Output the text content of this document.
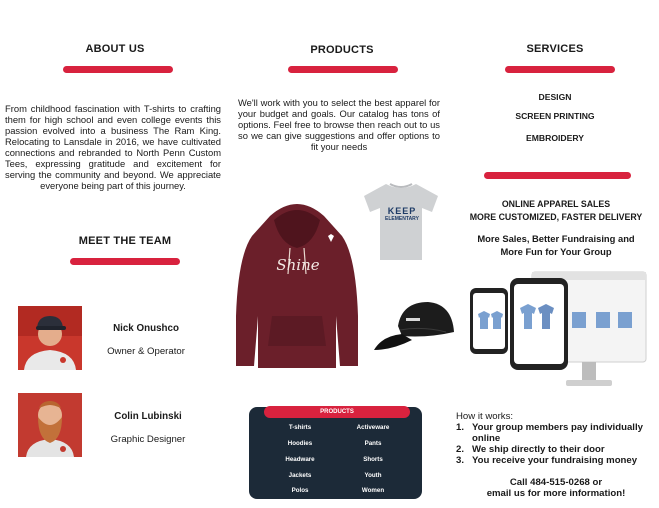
ABOUT US
From childhood fascination with T-shirts to crafting them for high school and even college events this passion evolved into a business The Ram King. Relocating to Lansdale in 2016, we have cultivated connections and rebranded to North Penn Custom Tees, expressing gratitude and excitement for serving the community and beyond. We appreciate everyone being part of this journey.
MEET THE TEAM
Nick Onushco
Owner & Operator
Colin Lubinski
Graphic Designer
PRODUCTS
We'll work with you to select the best apparel for your budget and goals. Our catalog has tons of options. Feel free to browse then reach out to us so we can give suggestions and offer options to fit your needs
Shine
KEEP
ELEMENTARY
PRODUCTS
T-shirts
Hoodies
Headware
Jackets
Polos
Activeware
Pants
Shorts
Youth
Women
SERVICES
DESIGN
SCREEN PRINTING
EMBROIDERY
ONLINE APPAREL SALES
MORE CUSTOMIZED, FASTER DELIVERY
More Sales, Better Fundraising and
More Fun for Your Group
How it works:
1. Your group members pay individually online
2. We ship directly to their door
3. You receive your fundraising money
Call 484-515-0268 or
email us for more information!
